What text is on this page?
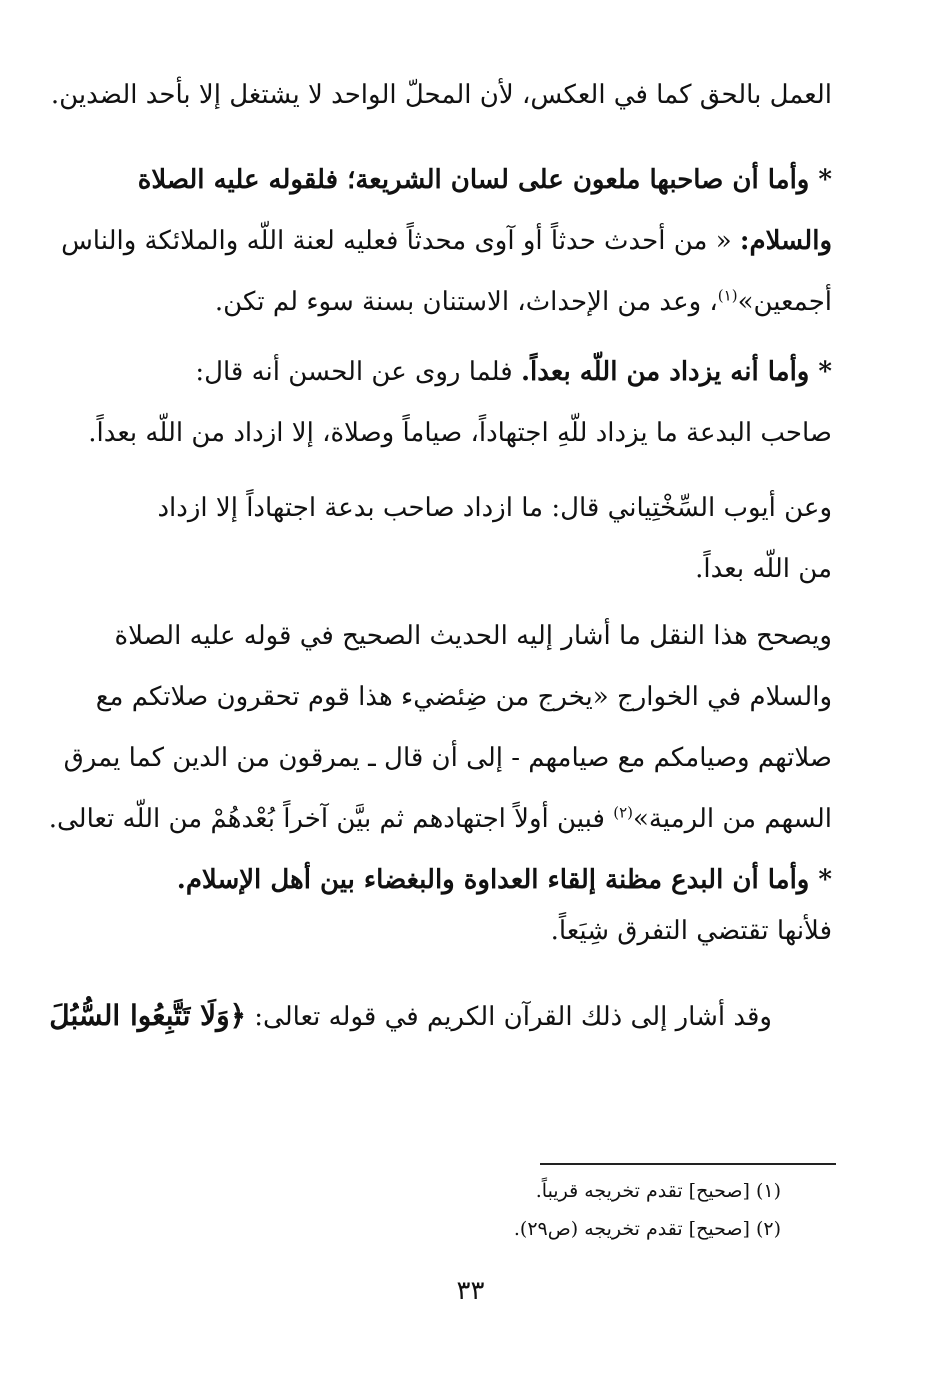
العمل بالحق كما في العكس، لأن المحلّ الواحد لا يشتغل إلا بأحد الضدين.
* وأما أن صاحبها ملعون على لسان الشريعة؛ فلقوله عليه الصلاة
والسلام: « من أحدث حدثاً أو آوى محدثاً فعليه لعنة اللّه والملائكة والناس
أجمعين»$^{(١)}$، وعد من الإحداث، الاستنان بسنة سوء لم تكن.
* وأما أنه يزداد من اللّه بعداً. فلما روى عن الحسن أنه قال:
صاحب البدعة ما يزداد للّهِ اجتهاداً، صياماً وصلاة، إلا ازداد من اللّه بعداً.
وعن أيوب السِّخْتِياني قال: ما ازداد صاحب بدعة اجتهاداً إلا ازداد
من اللّه بعداً.
ويصحح هذا النقل ما أشار إليه الحديث الصحيح في قوله عليه الصلاة
والسلام في الخوارج «يخرج من ضِئضيء هذا قوم تحقرون صلاتكم مع
صلاتهم وصيامكم مع صيامهم - إلى أن قال ـ يمرقون من الدين كما يمرق
السهم من الرمية»$^{(٢)}$ فبين أولاً اجتهادهم ثم بيَّن آخراً بُعْدهُمْ من اللّه تعالى.
* وأما أن البدع مظنة إلقاء العداوة والبغضاء بين أهل الإسلام.
فلأنها تقتضي التفرق شِيَعاً.
وقد أشار إلى ذلك القرآن الكريم في قوله تعالى: ﴿وَلَا تَتَّبِعُوا السُّبُلَ
(١) [صحيح] تقدم تخريجه قريباً.
(٢) [صحيح] تقدم تخريجه (ص٢٩).
٣٣
